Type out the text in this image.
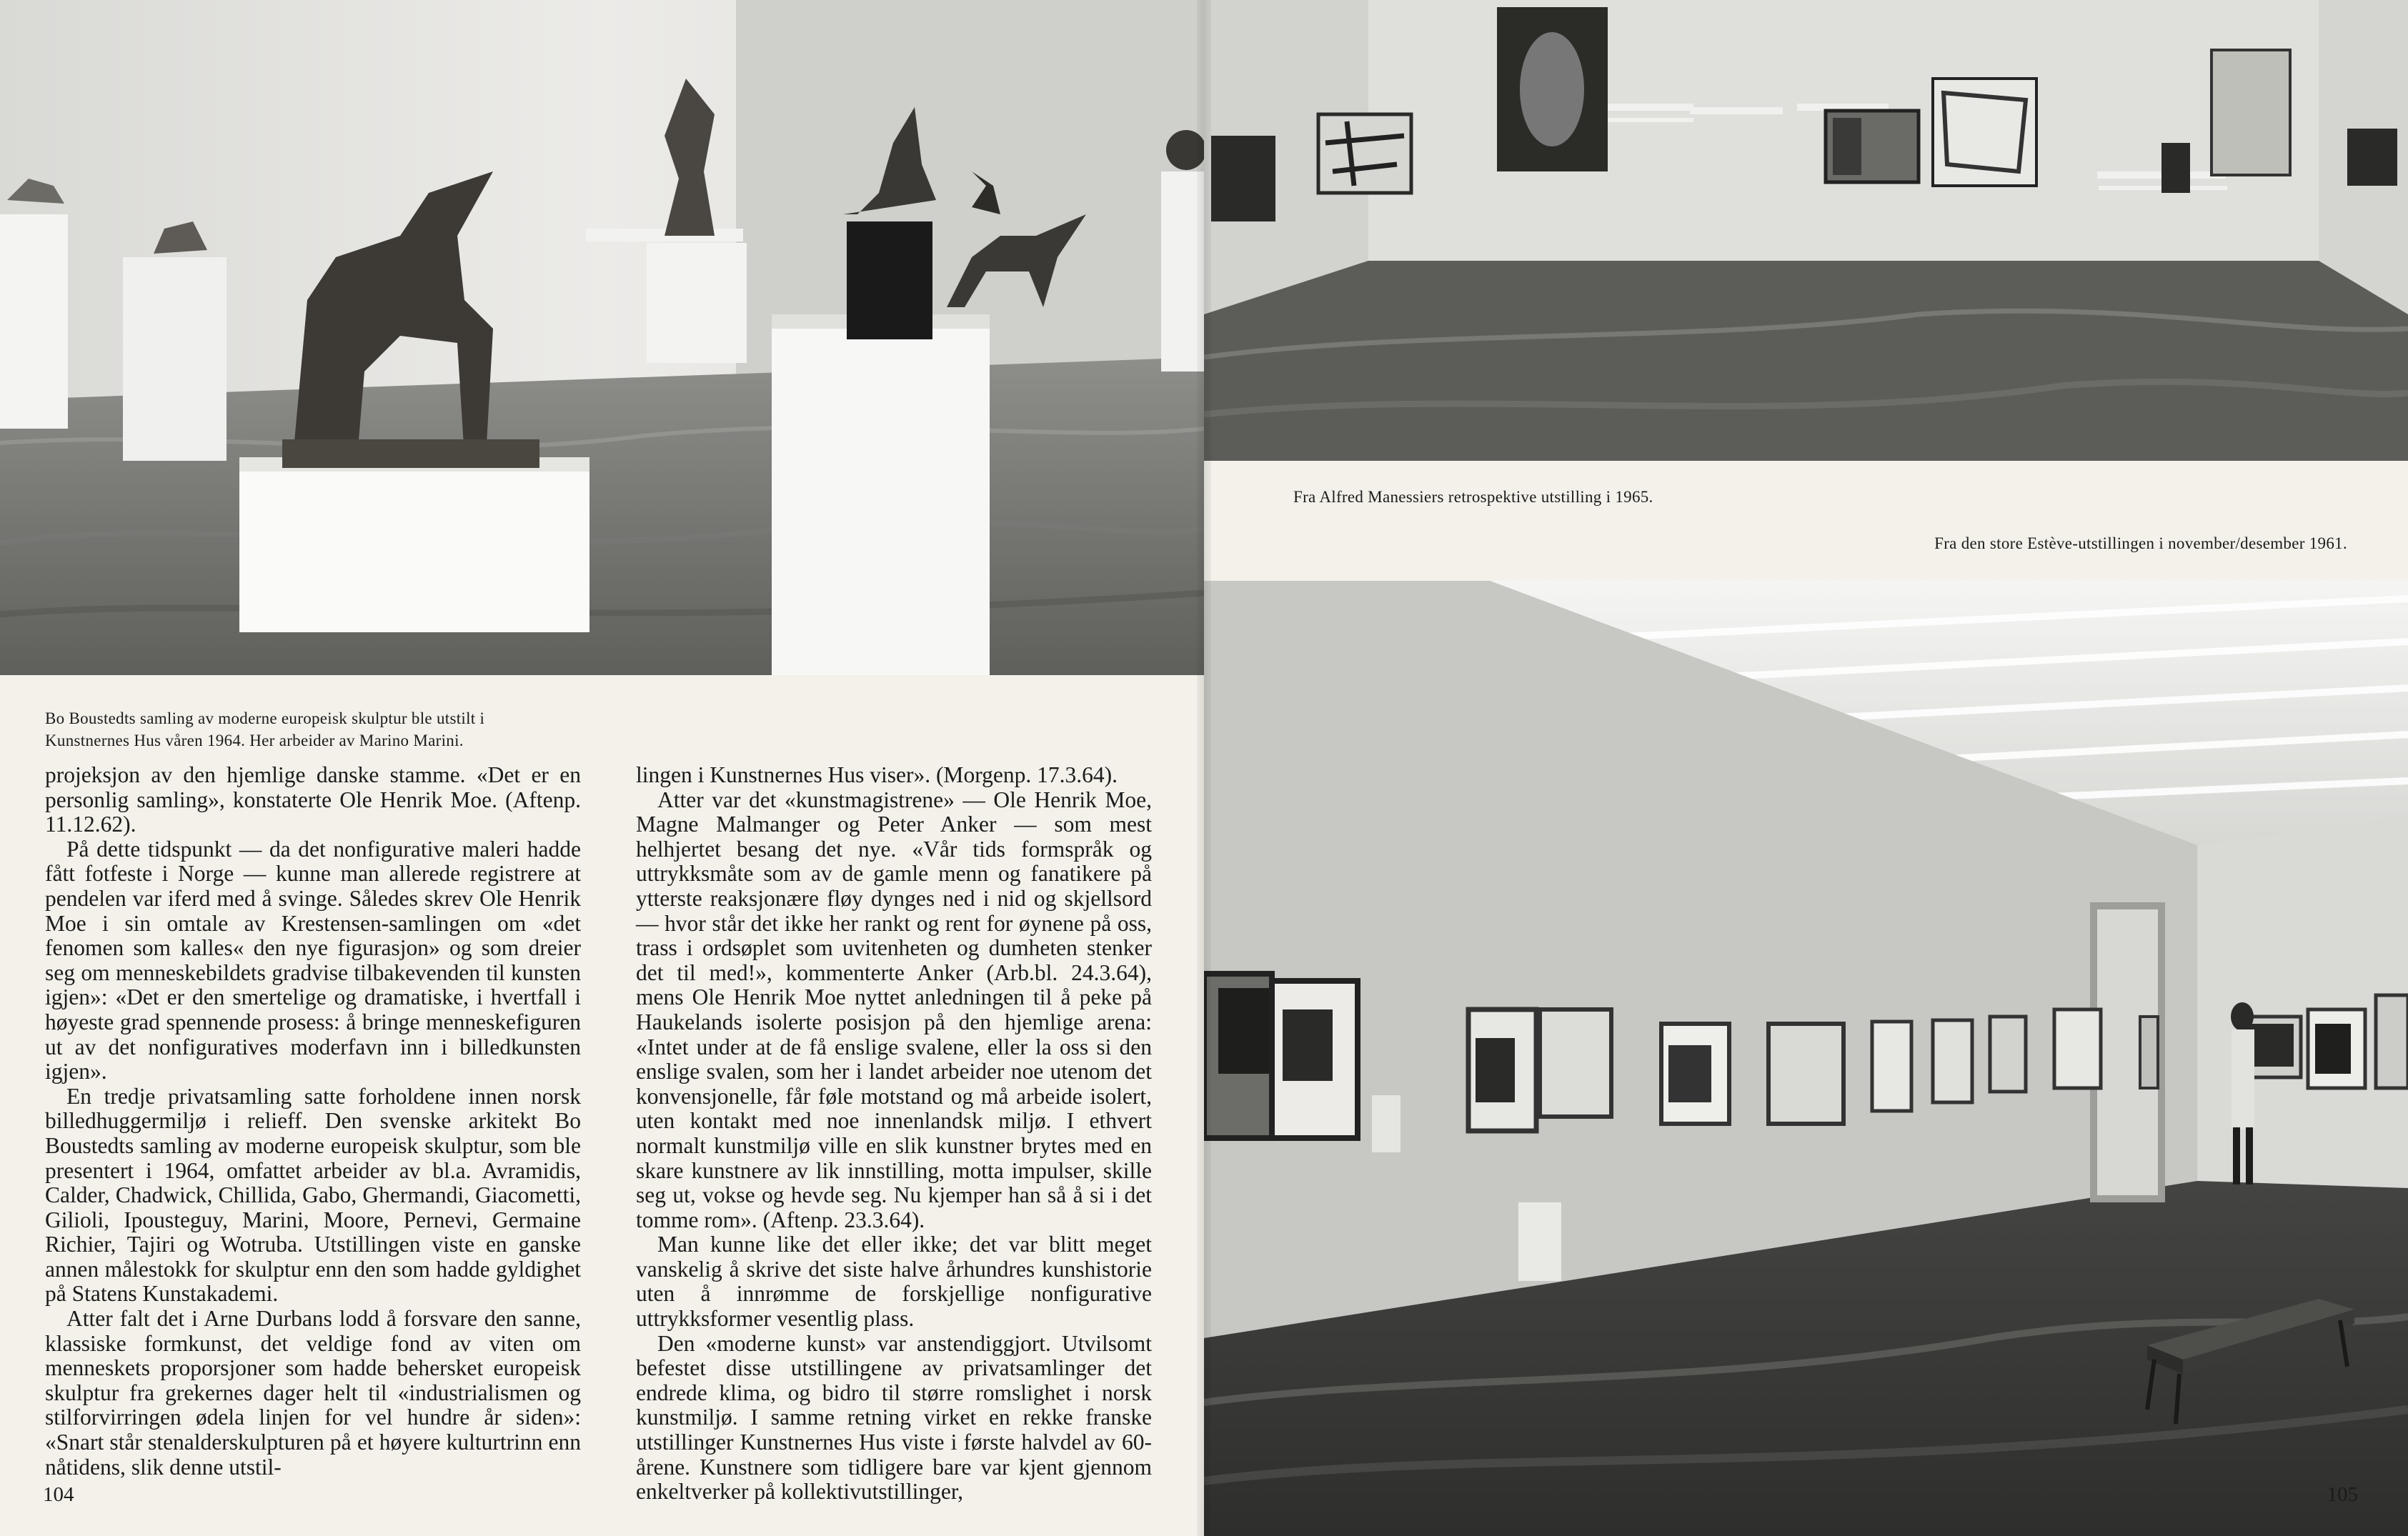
Bo Boustedts samling av moderne europeisk skulptur ble utstilt i
Kunstnernes Hus våren 1964. Her arbeider av Marino Marini.

projeksjon av den hjemlige danske stamme. «Det er en personlig samling», konstaterte Ole Henrik Moe. (Aftenp. 11.12.62).

På dette tidspunkt — da det nonfigurative maleri hadde fått fotfeste i Norge — kunne man allerede registrere at pendelen var iferd med å svinge. Således skrev Ole Henrik Moe i sin omtale av Krestensen-samlingen om «det fenomen som kalles« den nye figurasjon» og som dreier seg om menneskebildets gradvise tilbakevenden til kunsten igjen»: «Det er den smertelige og dramatiske, i hvertfall i høyeste grad spennende prosess: å bringe menneskefiguren ut av det nonfiguratives moderfavn inn i billedkunsten igjen».

En tredje privatsamling satte forholdene innen norsk billedhuggermiljø i relieff. Den svenske arkitekt Bo Boustedts samling av moderne europeisk skulptur, som ble presentert i 1964, omfattet arbeider av bl.a. Avramidis, Calder, Chadwick, Chillida, Gabo, Ghermandi, Giacometti, Gilioli, Ipousteguy, Marini, Moore, Pernevi, Germaine Richier, Tajiri og Wotruba. Utstillingen viste en ganske annen målestokk for skulptur enn den som hadde gyldighet på Statens Kunstakademi.

Atter falt det i Arne Durbans lodd å forsvare den sanne, klassiske formkunst, det veldige fond av viten om menneskets proporsjoner som hadde behersket europeisk skulptur fra grekernes dager helt til «industrialismen og stilforvirringen ødela linjen for vel hundre år siden»: «Snart står stenalderskulpturen på et høyere kulturtrinn enn nåtidens, slik denne utstil-

lingen i Kunstnernes Hus viser». (Morgenp. 17.3.64).

Atter var det «kunstmagistrene» — Ole Henrik Moe, Magne Malmanger og Peter Anker — som mest helhjertet besang det nye. «Vår tids formspråk og uttrykksmåte som av de gamle menn og fanatikere på ytterste reaksjonære fløy dynges ned i nid og skjellsord — hvor står det ikke her rankt og rent for øynene på oss, trass i ordsøplet som uvitenheten og dumheten stenker det til med!», kommenterte Anker (Arb.bl. 24.3.64), mens Ole Henrik Moe nyttet anledningen til å peke på Haukelands isolerte posisjon på den hjemlige arena: «Intet under at de få enslige svalene, eller la oss si den enslige svalen, som her i landet arbeider noe utenom det konvensjonelle, får føle motstand og må arbeide isolert, uten kontakt med noe innenlandsk miljø. I ethvert normalt kunstmiljø ville en slik kunstner brytes med en skare kunstnere av lik innstilling, motta impulser, skille seg ut, vokse og hevde seg. Nu kjemper han så å si i det tomme rom». (Aftenp. 23.3.64).

Man kunne like det eller ikke; det var blitt meget vanskelig å skrive det siste halve århundres kunshistorie uten å innrømme de forskjellige nonfigurative uttrykksformer vesentlig plass.

Den «moderne kunst» var anstendiggjort. Utvilsomt befestet disse utstillingene av privatsamlinger det endrede klima, og bidro til større romslighet i norsk kunstmiljø. I samme retning virket en rekke franske utstillinger Kunstnernes Hus viste i første halvdel av 60-årene. Kunstnere som tidligere bare var kjent gjennom enkeltverker på kollektivutstillinger,

104
Fra Alfred Manessiers retrospektive utstilling i 1965.
Fra den store Estève-utstillingen i november/desember 1961.
105
